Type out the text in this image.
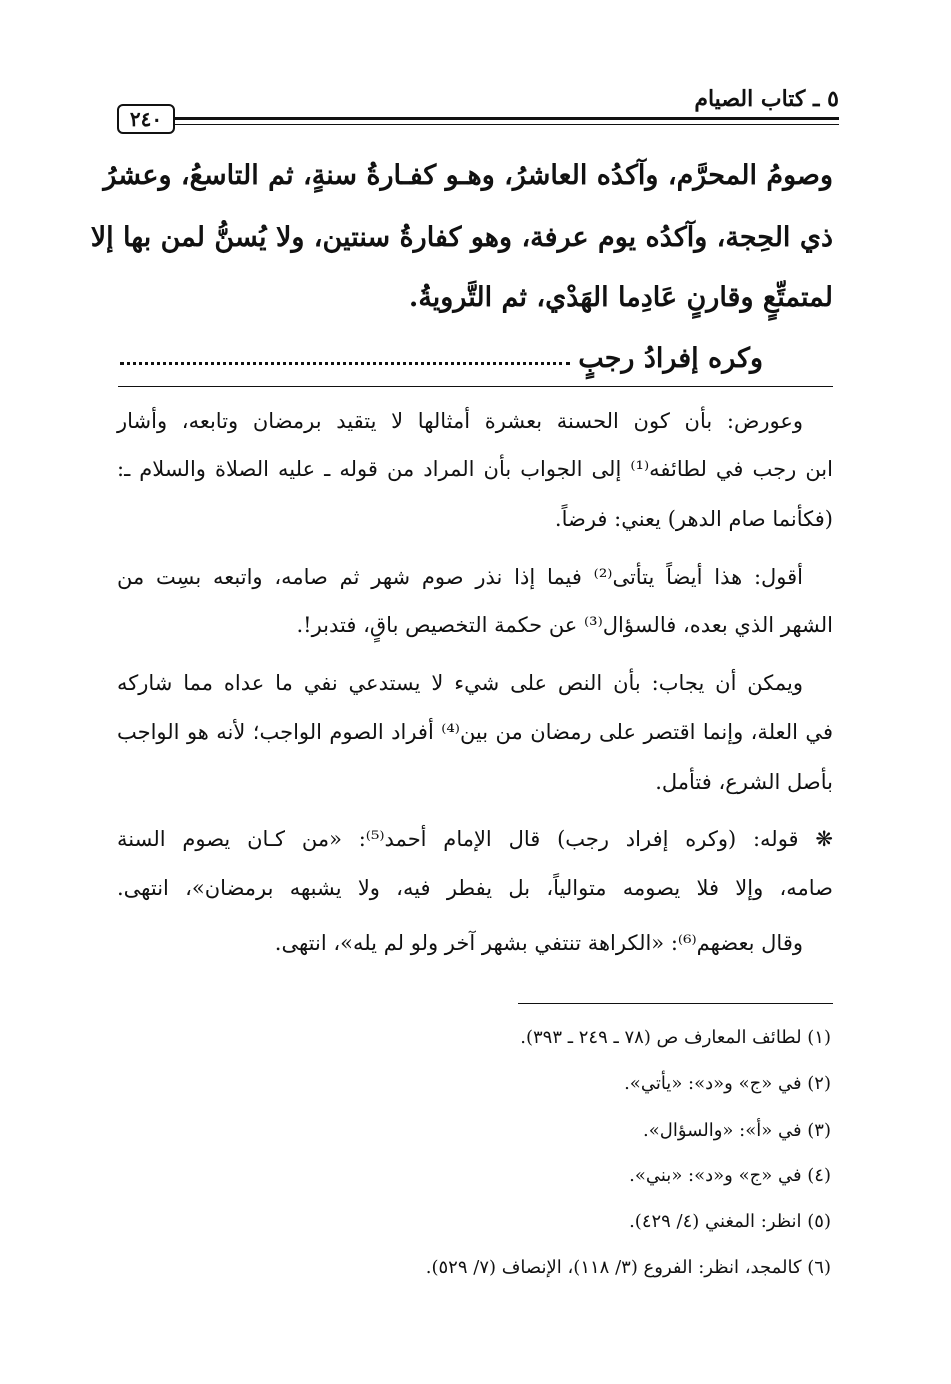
٥ ـ كتاب الصيام
٢٤٠
وصومُ المحرَّم، وآكدُه العاشرُ، وهـو كفـارةُ سنةٍ، ثم التاسعُ، وعشرُ
ذي الحِجة، وآكدُه يوم عرفة، وهو كفارةُ سنتين، ولا يُسنُّ لمن بها إلا
لمتمتِّعٍ وقارنٍ عَادِما الهَدْي، ثم التَّرويةُ.
وكره إفرادُ رجبٍ
وعورض: بأن كون الحسنة بعشرة أمثالها لا يتقيد برمضان وتابعه، وأشار
ابن رجب في لطائفه⁽¹⁾ إلى الجواب بأن المراد من قوله ـ عليه الصلاة والسلام ـ:
(فكأنما صام الدهر) يعني: فرضاً.
أقول: هذا أيضاً يتأتى⁽²⁾ فيما إذا نذر صوم شهر ثم صامه، واتبعه بسِت من
الشهر الذي بعده، فالسؤال⁽³⁾ عن حكمة التخصيص باقٍ، فتدبر!.
ويمكن أن يجاب: بأن النص على شيء لا يستدعي نفي ما عداه مما شاركه
في العلة، وإنما اقتصر على رمضان من بين⁽⁴⁾ أفراد الصوم الواجب؛ لأنه هو الواجب
بأصل الشرع، فتأمل.
❋ قوله: (وكره إفراد رجب) قال الإمام أحمد⁽⁵⁾: «من كـان يصوم السنة
صامه، وإلا فلا يصومه متوالياً، بل يفطر فيه، ولا يشبهه برمضان»، انتهى.
وقال بعضهم⁽⁶⁾: «الكراهة تنتفي بشهر آخر ولو لم يله»، انتهى.
(١) لطائف المعارف ص (٧٨ ـ ٢٤٩ ـ ٣٩٣).
(٢) في «ج» و«د»: «يأتي».
(٣) في «أ»: «والسؤال».
(٤) في «ج» و«د»: «بني».
(٥) انظر: المغني (٤/ ٤٢٩).
(٦) كالمجد، انظر: الفروع (٣/ ١١٨)، الإنصاف (٧/ ٥٢٩).
